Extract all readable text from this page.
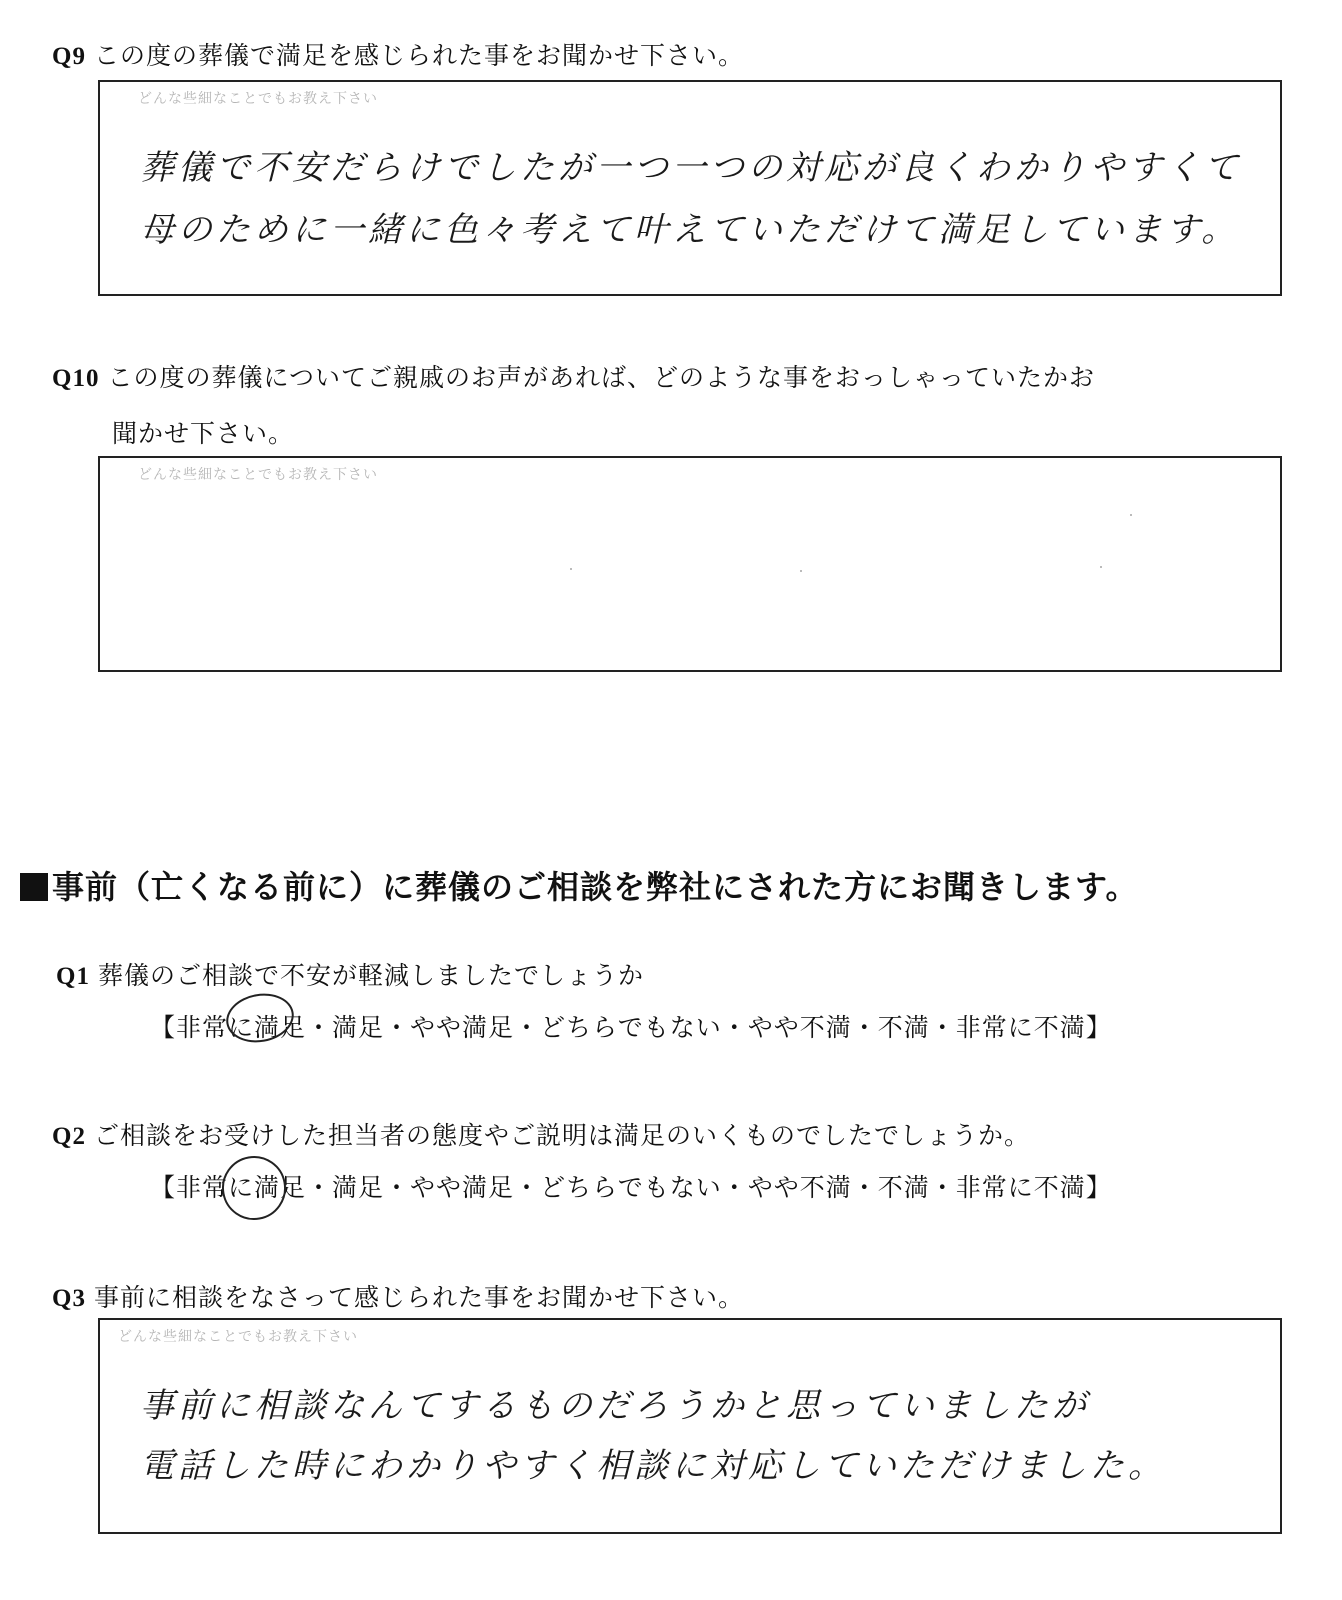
Q9 この度の葬儀で満足を感じられた事をお聞かせ下さい。
どんな些細なことでもお教え下さい
葬儀で不安だらけでしたが一つ一つの対応が良くわかりやすくて
母のために一緒に色々考えて叶えていただけて満足しています。
Q10 この度の葬儀についてご親戚のお声があれば、どのような事をおっしゃっていたかお
聞かせ下さい。
どんな些細なことでもお教え下さい
事前（亡くなる前に）に葬儀のご相談を弊社にされた方にお聞きします。
Q1 葬儀のご相談で不安が軽減しましたでしょうか
【非常に満足・満足・やや満足・どちらでもない・やや不満・不満・非常に不満】
Q2 ご相談をお受けした担当者の態度やご説明は満足のいくものでしたでしょうか。
【非常に満足・満足・やや満足・どちらでもない・やや不満・不満・非常に不満】
Q3 事前に相談をなさって感じられた事をお聞かせ下さい。
どんな些細なことでもお教え下さい
事前に相談なんてするものだろうかと思っていましたが
電話した時にわかりやすく相談に対応していただけました。
